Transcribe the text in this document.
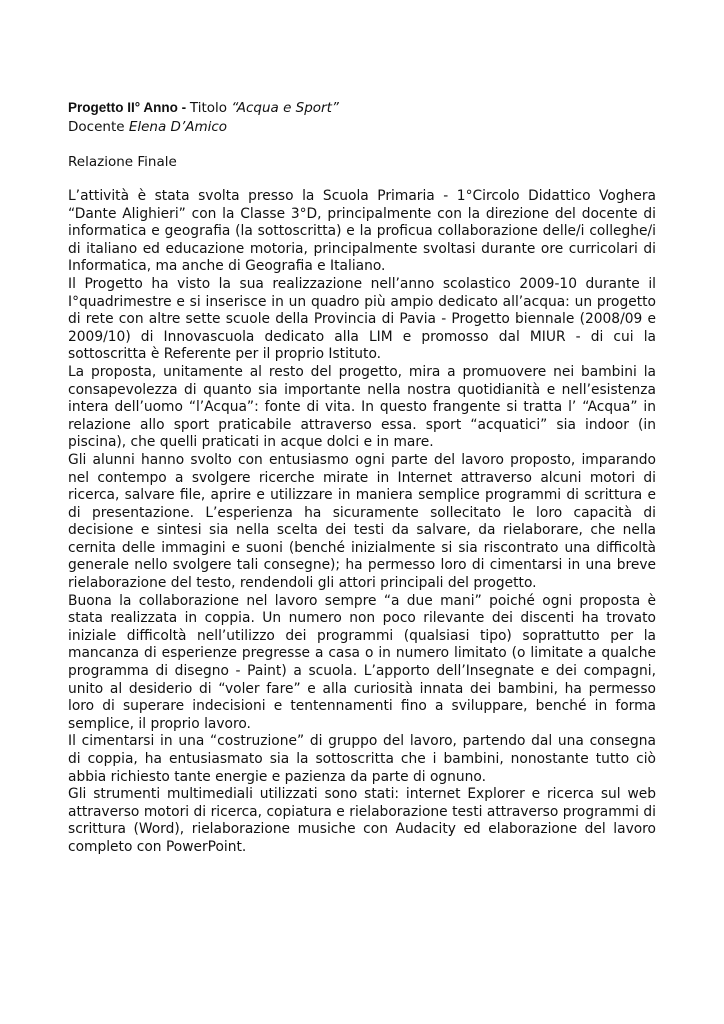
Progetto II° Anno - Titolo “Acqua e Sport”
Docente Elena D’Amico
Relazione Finale

L’attività è stata svolta presso la Scuola Primaria - 1°Circolo Didattico Voghera “Dante Alighieri” con la Classe 3°D, principalmente con la direzione del docente di informatica e geografia (la sottoscritta) e la proficua collaborazione delle/i colleghe/i di italiano ed educazione motoria, principalmente svoltasi durante ore curricolari di Informatica, ma anche di Geografia e Italiano.

Il Progetto ha visto la sua realizzazione nell’anno scolastico 2009-10 durante il I°quadrimestre e si inserisce in un quadro più ampio dedicato all’acqua: un progetto di rete con altre sette scuole della Provincia di Pavia - Progetto biennale (2008/09 e 2009/10) di Innovascuola dedicato alla LIM e promosso dal MIUR - di cui la sottoscritta è Referente per il proprio Istituto.

La proposta, unitamente al resto del progetto, mira a promuovere nei bambini la consapevolezza di quanto sia importante nella nostra quotidianità e nell’esistenza intera dell’uomo “l’Acqua”: fonte di vita. In questo frangente si tratta l’ “Acqua” in relazione allo sport praticabile attraverso essa. sport “acquatici” sia indoor (in piscina), che quelli praticati in acque dolci e in mare.

Gli alunni hanno svolto con entusiasmo ogni parte del lavoro proposto, imparando nel contempo a svolgere ricerche mirate in Internet attraverso alcuni motori di ricerca, salvare file, aprire e utilizzare in maniera semplice programmi di scrittura e di presentazione. L’esperienza ha sicuramente sollecitato le loro capacità di decisione e sintesi sia nella scelta dei testi da salvare, da rielaborare, che nella cernita delle immagini e suoni (benché inizialmente si sia riscontrato una difficoltà generale nello svolgere tali consegne); ha permesso loro di cimentarsi in una breve rielaborazione del testo, rendendoli gli attori principali del progetto.

Buona la collaborazione nel lavoro sempre “a due mani” poiché ogni proposta è stata realizzata in coppia. Un numero non poco rilevante dei discenti ha trovato iniziale difficoltà nell’utilizzo dei programmi (qualsiasi tipo) soprattutto per la mancanza di esperienze pregresse a casa o in numero limitato (o limitate a qualche programma di disegno - Paint) a scuola. L’apporto dell’Insegnate e dei compagni, unito al desiderio di “voler fare” e alla curiosità innata dei bambini, ha permesso loro di superare indecisioni e tentennamenti fino a sviluppare, benché in forma semplice, il proprio lavoro.

Il cimentarsi in una “costruzione” di gruppo del lavoro, partendo dal una consegna di coppia, ha entusiasmato sia la sottoscritta che i bambini, nonostante tutto ciò abbia richiesto tante energie e pazienza da parte di ognuno.

Gli strumenti multimediali utilizzati sono stati: internet Explorer e ricerca sul web attraverso motori di ricerca, copiatura e rielaborazione testi attraverso programmi di scrittura (Word), rielaborazione musiche con Audacity ed elaborazione del lavoro completo con PowerPoint.
